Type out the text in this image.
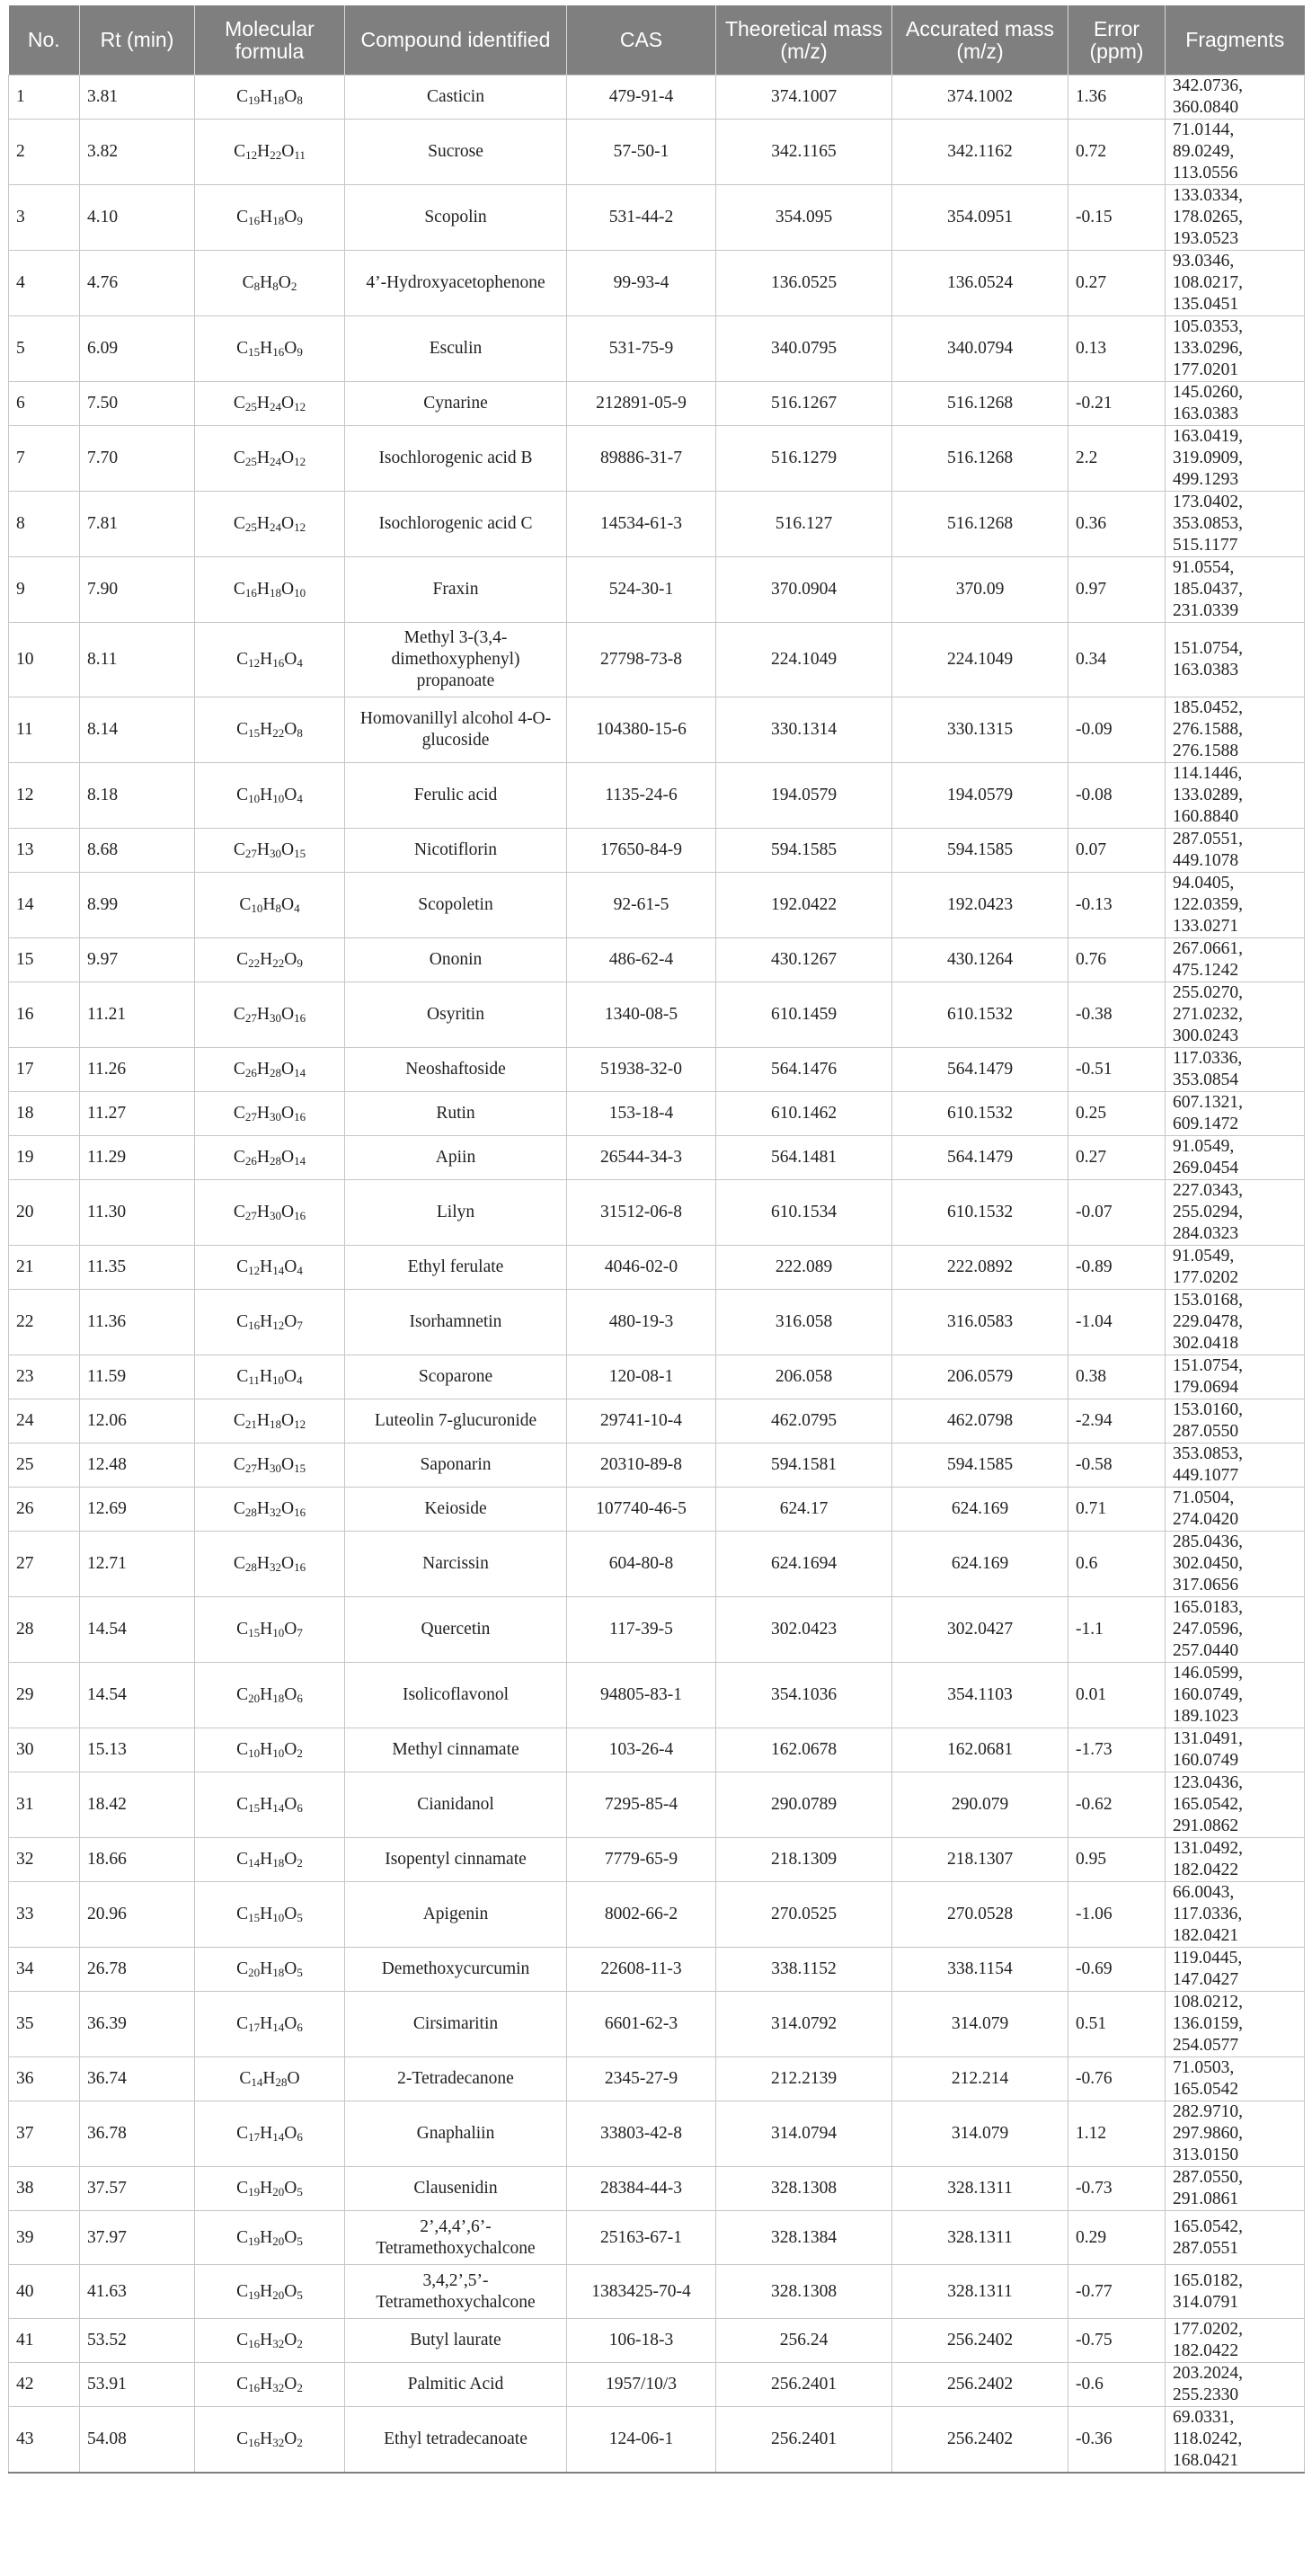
No.	Rt (min)	Molecular formula	Compound identified	CAS	Theoretical mass (m/z)	Accurated mass (m/z)	Error (ppm)	Fragments
1	3.81	$C_{19}H_{18}O_8$	Casticin	479-91-4	374.1007	374.1002	1.36	342.0736, 360.0840
2	3.82	$C_{12}H_{22}O_{11}$	Sucrose	57-50-1	342.1165	342.1162	0.72	71.0144, 89.0249, 113.0556
3	4.10	$C_{16}H_{18}O_9$	Scopolin	531-44-2	354.095	354.0951	-0.15	133.0334, 178.0265, 193.0523
4	4.76	$C_8H_8O_2$	4’-Hydroxyacetophenone	99-93-4	136.0525	136.0524	0.27	93.0346, 108.0217, 135.0451
5	6.09	$C_{15}H_{16}O_9$	Esculin	531-75-9	340.0795	340.0794	0.13	105.0353, 133.0296, 177.0201
6	7.50	$C_{25}H_{24}O_{12}$	Cynarine	212891-05-9	516.1267	516.1268	-0.21	145.0260, 163.0383
7	7.70	$C_{25}H_{24}O_{12}$	Isochlorogenic acid B	89886-31-7	516.1279	516.1268	2.2	163.0419, 319.0909, 499.1293
8	7.81	$C_{25}H_{24}O_{12}$	Isochlorogenic acid C	14534-61-3	516.127	516.1268	0.36	173.0402, 353.0853, 515.1177
9	7.90	$C_{16}H_{18}O_{10}$	Fraxin	524-30-1	370.0904	370.09	0.97	91.0554, 185.0437, 231.0339
10	8.11	$C_{12}H_{16}O_4$	Methyl 3-(3,4-dimethoxyphenyl) propanoate	27798-73-8	224.1049	224.1049	0.34	151.0754, 163.0383
11	8.14	$C_{15}H_{22}O_8$	Homovanillyl alcohol 4-O-glucoside	104380-15-6	330.1314	330.1315	-0.09	185.0452, 276.1588, 276.1588
12	8.18	$C_{10}H_{10}O_4$	Ferulic acid	1135-24-6	194.0579	194.0579	-0.08	114.1446, 133.0289, 160.8840
13	8.68	$C_{27}H_{30}O_{15}$	Nicotiflorin	17650-84-9	594.1585	594.1585	0.07	287.0551, 449.1078
14	8.99	$C_{10}H_8O_4$	Scopoletin	92-61-5	192.0422	192.0423	-0.13	94.0405, 122.0359, 133.0271
15	9.97	$C_{22}H_{22}O_9$	Ononin	486-62-4	430.1267	430.1264	0.76	267.0661, 475.1242
16	11.21	$C_{27}H_{30}O_{16}$	Osyritin	1340-08-5	610.1459	610.1532	-0.38	255.0270, 271.0232, 300.0243
17	11.26	$C_{26}H_{28}O_{14}$	Neoshaftoside	51938-32-0	564.1476	564.1479	-0.51	117.0336, 353.0854
18	11.27	$C_{27}H_{30}O_{16}$	Rutin	153-18-4	610.1462	610.1532	0.25	607.1321, 609.1472
19	11.29	$C_{26}H_{28}O_{14}$	Apiin	26544-34-3	564.1481	564.1479	0.27	91.0549, 269.0454
20	11.30	$C_{27}H_{30}O_{16}$	Lilyn	31512-06-8	610.1534	610.1532	-0.07	227.0343, 255.0294, 284.0323
21	11.35	$C_{12}H_{14}O_4$	Ethyl ferulate	4046-02-0	222.089	222.0892	-0.89	91.0549, 177.0202
22	11.36	$C_{16}H_{12}O_7$	Isorhamnetin	480-19-3	316.058	316.0583	-1.04	153.0168, 229.0478, 302.0418
23	11.59	$C_{11}H_{10}O_4$	Scoparone	120-08-1	206.058	206.0579	0.38	151.0754, 179.0694
24	12.06	$C_{21}H_{18}O_{12}$	Luteolin 7-glucuronide	29741-10-4	462.0795	462.0798	-2.94	153.0160, 287.0550
25	12.48	$C_{27}H_{30}O_{15}$	Saponarin	20310-89-8	594.1581	594.1585	-0.58	353.0853, 449.1077
26	12.69	$C_{28}H_{32}O_{16}$	Keioside	107740-46-5	624.17	624.169	0.71	71.0504, 274.0420
27	12.71	$C_{28}H_{32}O_{16}$	Narcissin	604-80-8	624.1694	624.169	0.6	285.0436, 302.0450, 317.0656
28	14.54	$C_{15}H_{10}O_7$	Quercetin	117-39-5	302.0423	302.0427	-1.1	165.0183, 247.0596, 257.0440
29	14.54	$C_{20}H_{18}O_6$	Isolicoflavonol	94805-83-1	354.1036	354.1103	0.01	146.0599, 160.0749, 189.1023
30	15.13	$C_{10}H_{10}O_2$	Methyl cinnamate	103-26-4	162.0678	162.0681	-1.73	131.0491, 160.0749
31	18.42	$C_{15}H_{14}O_6$	Cianidanol	7295-85-4	290.0789	290.079	-0.62	123.0436, 165.0542, 291.0862
32	18.66	$C_{14}H_{18}O_2$	Isopentyl cinnamate	7779-65-9	218.1309	218.1307	0.95	131.0492, 182.0422
33	20.96	$C_{15}H_{10}O_5$	Apigenin	8002-66-2	270.0525	270.0528	-1.06	66.0043, 117.0336, 182.0421
34	26.78	$C_{20}H_{18}O_5$	Demethoxycurcumin	22608-11-3	338.1152	338.1154	-0.69	119.0445, 147.0427
35	36.39	$C_{17}H_{14}O_6$	Cirsimaritin	6601-62-3	314.0792	314.079	0.51	108.0212, 136.0159, 254.0577
36	36.74	$C_{14}H_{28}O$	2-Tetradecanone	2345-27-9	212.2139	212.214	-0.76	71.0503, 165.0542
37	36.78	$C_{17}H_{14}O_6$	Gnaphaliin	33803-42-8	314.0794	314.079	1.12	282.9710, 297.9860, 313.0150
38	37.57	$C_{19}H_{20}O_5$	Clausenidin	28384-44-3	328.1308	328.1311	-0.73	287.0550, 291.0861
39	37.97	$C_{19}H_{20}O_5$	2’,4,4’,6’-Tetramethoxychalcone	25163-67-1	328.1384	328.1311	0.29	165.0542, 287.0551
40	41.63	$C_{19}H_{20}O_5$	3,4,2’,5’-Tetramethoxychalcone	1383425-70-4	328.1308	328.1311	-0.77	165.0182, 314.0791
41	53.52	$C_{16}H_{32}O_2$	Butyl laurate	106-18-3	256.24	256.2402	-0.75	177.0202, 182.0422
42	53.91	$C_{16}H_{32}O_2$	Palmitic Acid	1957/10/3	256.2401	256.2402	-0.6	203.2024, 255.2330
43	54.08	$C_{16}H_{32}O_2$	Ethyl tetradecanoate	124-06-1	256.2401	256.2402	-0.36	69.0331, 118.0242, 168.0421
